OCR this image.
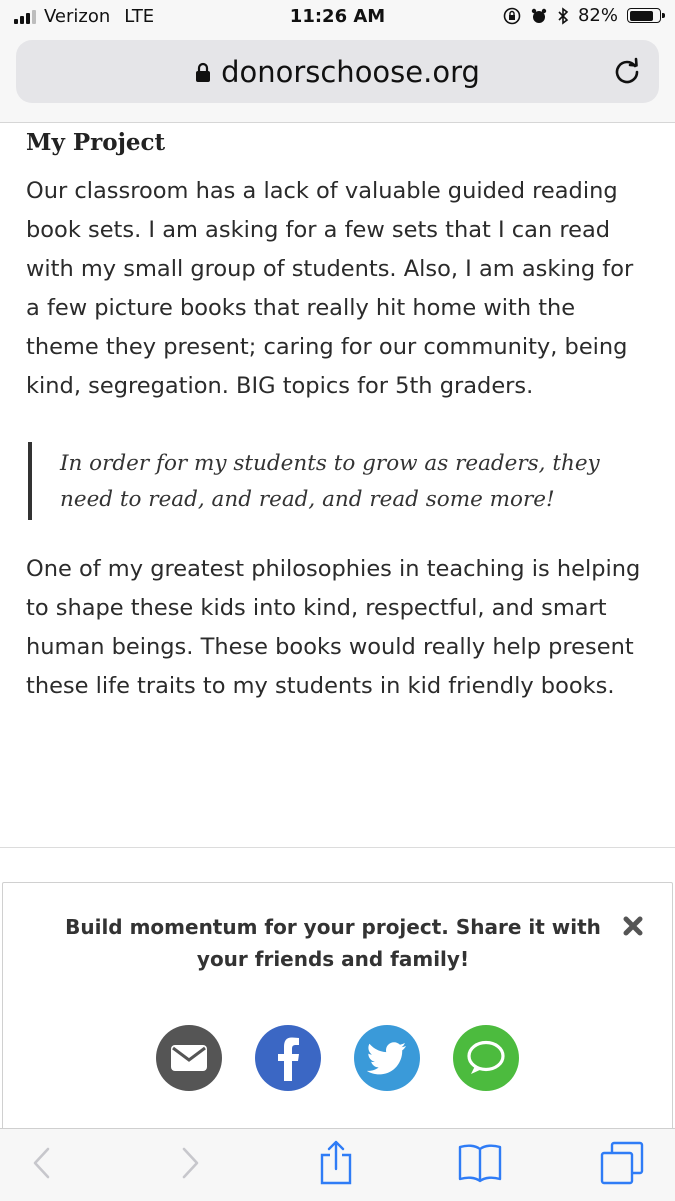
Verizon LTE	11:26 AM	82%
donorschoose.org
My Project

Our classroom has a lack of valuable guided reading book sets. I am asking for a few sets that I can read with my small group of students. Also, I am asking for a few picture books that really hit home with the theme they present; caring for our community, being kind, segregation. BIG topics for 5th graders.

In order for my students to grow as readers, they need to read, and read, and read some more!

One of my greatest philosophies in teaching is helping to shape these kids into kind, respectful, and smart human beings. These books would really help present these life traits to my students in kid friendly books.

Build momentum for your project. Share it with your friends and family!
